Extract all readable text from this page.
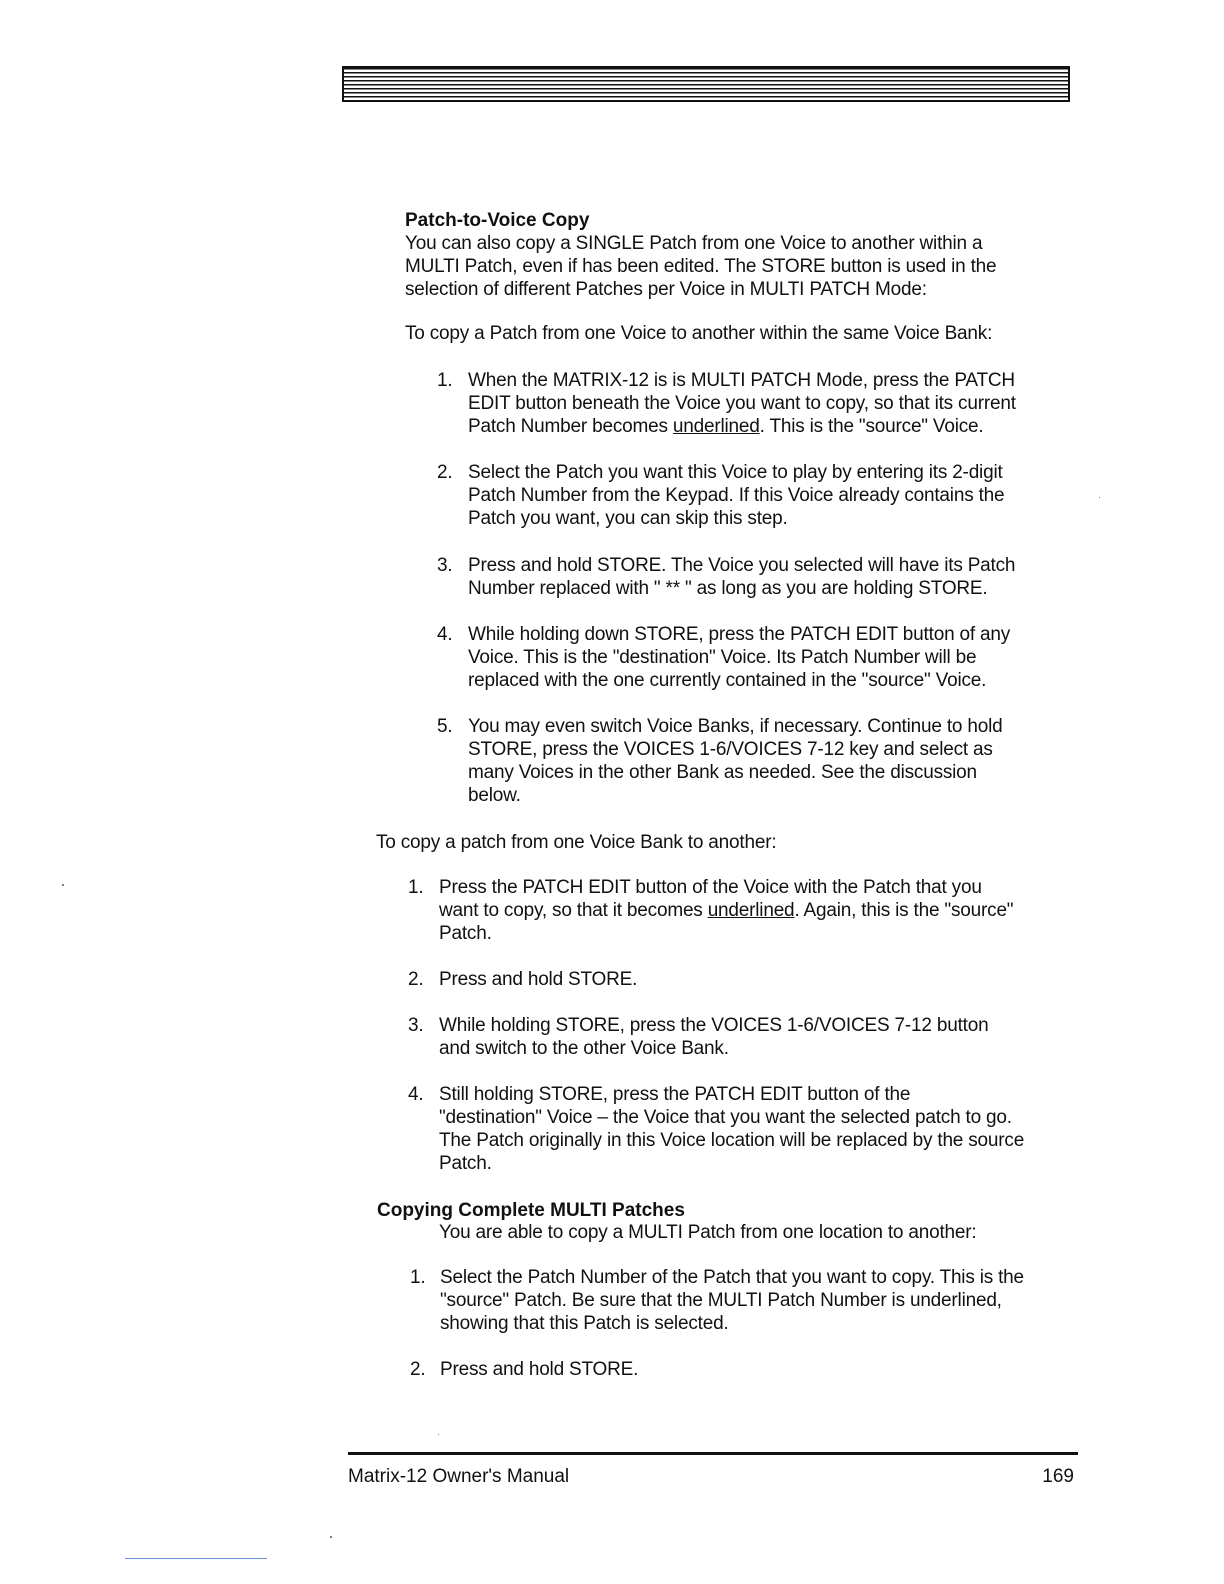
Patch-to-Voice Copy
You can also copy a SINGLE Patch from one Voice to another within a
MULTI Patch, even if has been edited. The STORE button is used in the
selection of different Patches per Voice in MULTI PATCH Mode:
To copy a Patch from one Voice to another within the same Voice Bank:
1. When the MATRIX-12 is is MULTI PATCH Mode, press the PATCH
EDIT button beneath the Voice you want to copy, so that its current
Patch Number becomes underlined. This is the "source" Voice.
2. Select the Patch you want this Voice to play by entering its 2-digit
Patch Number from the Keypad. If this Voice already contains the
Patch you want, you can skip this step.
3. Press and hold STORE. The Voice you selected will have its Patch
Number replaced with " ** " as long as you are holding STORE.
4. While holding down STORE, press the PATCH EDIT button of any
Voice. This is the "destination" Voice. Its Patch Number will be
replaced with the one currently contained in the "source" Voice.
5. You may even switch Voice Banks, if necessary. Continue to hold
STORE, press the VOICES 1-6/VOICES 7-12 key and select as
many Voices in the other Bank as needed. See the discussion
below.
To copy a patch from one Voice Bank to another:
1. Press the PATCH EDIT button of the Voice with the Patch that you
want to copy, so that it becomes underlined. Again, this is the "source"
Patch.
2. Press and hold STORE.
3. While holding STORE, press the VOICES 1-6/VOICES 7-12 button
and switch to the other Voice Bank.
4. Still holding STORE, press the PATCH EDIT button of the
"destination" Voice – the Voice that you want the selected patch to go.
The Patch originally in this Voice location will be replaced by the source
Patch.
Copying Complete MULTI Patches
You are able to copy a MULTI Patch from one location to another:
1. Select the Patch Number of the Patch that you want to copy. This is the
"source" Patch. Be sure that the MULTI Patch Number is underlined,
showing that this Patch is selected.
2. Press and hold STORE.
Matrix-12 Owner's Manual	169
